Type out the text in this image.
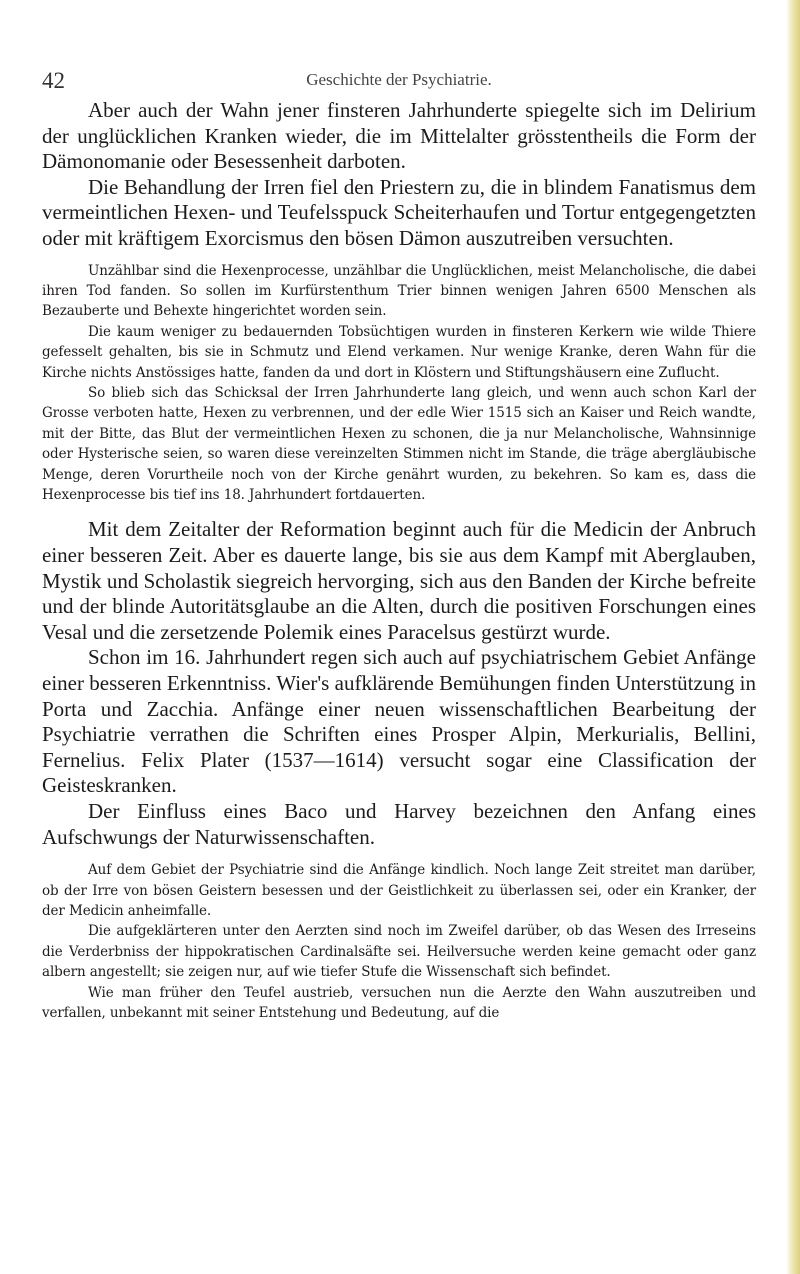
42	Geschichte der Psychiatrie.

Aber auch der Wahn jener finsteren Jahrhunderte spiegelte sich im Delirium der unglücklichen Kranken wieder, die im Mittelalter grösstentheils die Form der Dämonomanie oder Besessenheit darboten.

Die Behandlung der Irren fiel den Priestern zu, die in blindem Fanatismus dem vermeintlichen Hexen- und Teufelsspuck Scheiterhaufen und Tortur entgegengetzten oder mit kräftigem Exorcismus den bösen Dämon auszutreiben versuchten.

Unzählbar sind die Hexenprocesse, unzählbar die Unglücklichen, meist Melancholische, die dabei ihren Tod fanden. So sollen im Kurfürstenthum Trier binnen wenigen Jahren 6500 Menschen als Bezauberte und Behexte hingerichtet worden sein.

Die kaum weniger zu bedauernden Tobsüchtigen wurden in finsteren Kerkern wie wilde Thiere gefesselt gehalten, bis sie in Schmutz und Elend verkamen. Nur wenige Kranke, deren Wahn für die Kirche nichts Anstössiges hatte, fanden da und dort in Klöstern und Stiftungshäusern eine Zuflucht.

So blieb sich das Schicksal der Irren Jahrhunderte lang gleich, und wenn auch schon Karl der Grosse verboten hatte, Hexen zu verbrennen, und der edle Wier 1515 sich an Kaiser und Reich wandte, mit der Bitte, das Blut der vermeintlichen Hexen zu schonen, die ja nur Melancholische, Wahnsinnige oder Hysterische seien, so waren diese vereinzelten Stimmen nicht im Stande, die träge abergläubische Menge, deren Vorurtheile noch von der Kirche genährt wurden, zu bekehren. So kam es, dass die Hexenprocesse bis tief ins 18. Jahrhundert fortdauerten.

Mit dem Zeitalter der Reformation beginnt auch für die Medicin der Anbruch einer besseren Zeit. Aber es dauerte lange, bis sie aus dem Kampf mit Aberglauben, Mystik und Scholastik siegreich hervorging, sich aus den Banden der Kirche befreite und der blinde Autoritätsglaube an die Alten, durch die positiven Forschungen eines Vesal und die zersetzende Polemik eines Paracelsus gestürzt wurde.

Schon im 16. Jahrhundert regen sich auch auf psychiatrischem Gebiet Anfänge einer besseren Erkenntniss. Wier's aufklärende Bemühungen finden Unterstützung in Porta und Zacchia. Anfänge einer neuen wissenschaftlichen Bearbeitung der Psychiatrie verrathen die Schriften eines Prosper Alpin, Merkurialis, Bellini, Fernelius. Felix Plater (1537—1614) versucht sogar eine Classification der Geisteskranken.

Der Einfluss eines Baco und Harvey bezeichnen den Anfang eines Aufschwungs der Naturwissenschaften.

Auf dem Gebiet der Psychiatrie sind die Anfänge kindlich. Noch lange Zeit streitet man darüber, ob der Irre von bösen Geistern besessen und der Geistlichkeit zu überlassen sei, oder ein Kranker, der der Medicin anheimfalle.

Die aufgeklärteren unter den Aerzten sind noch im Zweifel darüber, ob das Wesen des Irreseins die Verderbniss der hippokratischen Cardinalsäfte sei. Heilversuche werden keine gemacht oder ganz albern angestellt; sie zeigen nur, auf wie tiefer Stufe die Wissenschaft sich befindet.

Wie man früher den Teufel austrieb, versuchen nun die Aerzte den Wahn auszutreiben und verfallen, unbekannt mit seiner Entstehung und Bedeutung, auf die
